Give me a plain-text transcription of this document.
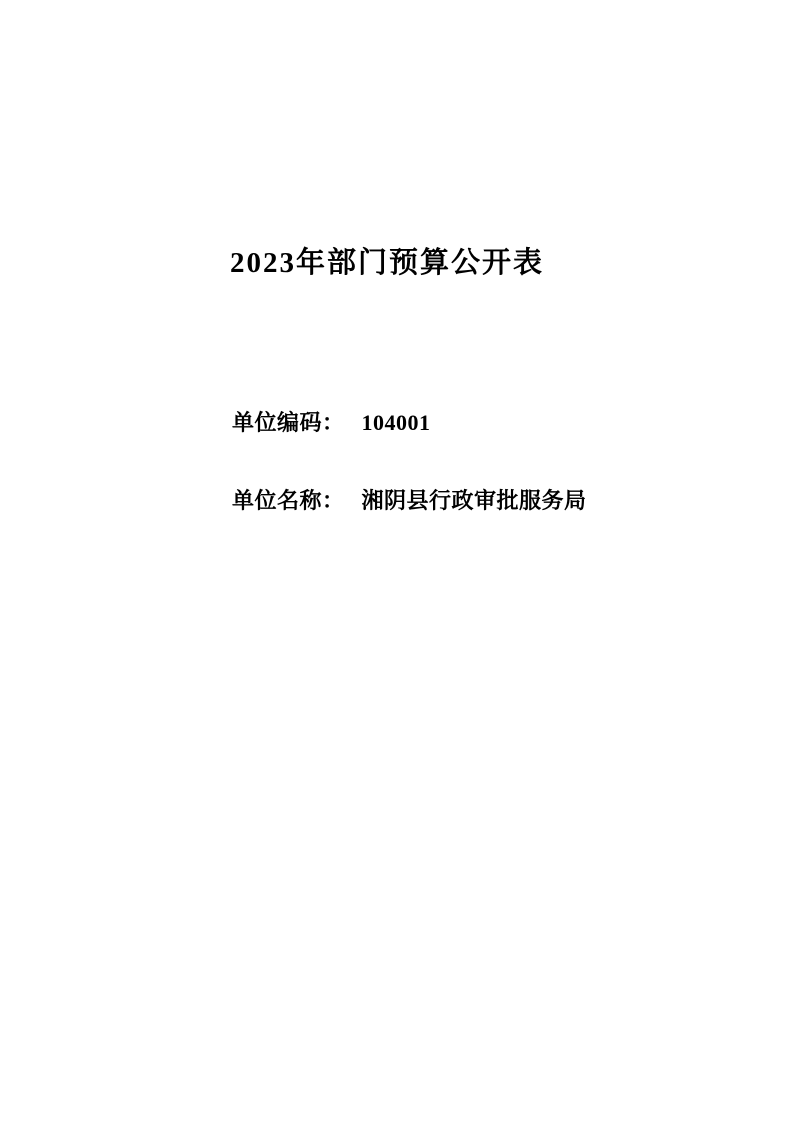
2023年部门预算公开表
单位编码： 104001
单位名称： 湘阴县行政审批服务局
